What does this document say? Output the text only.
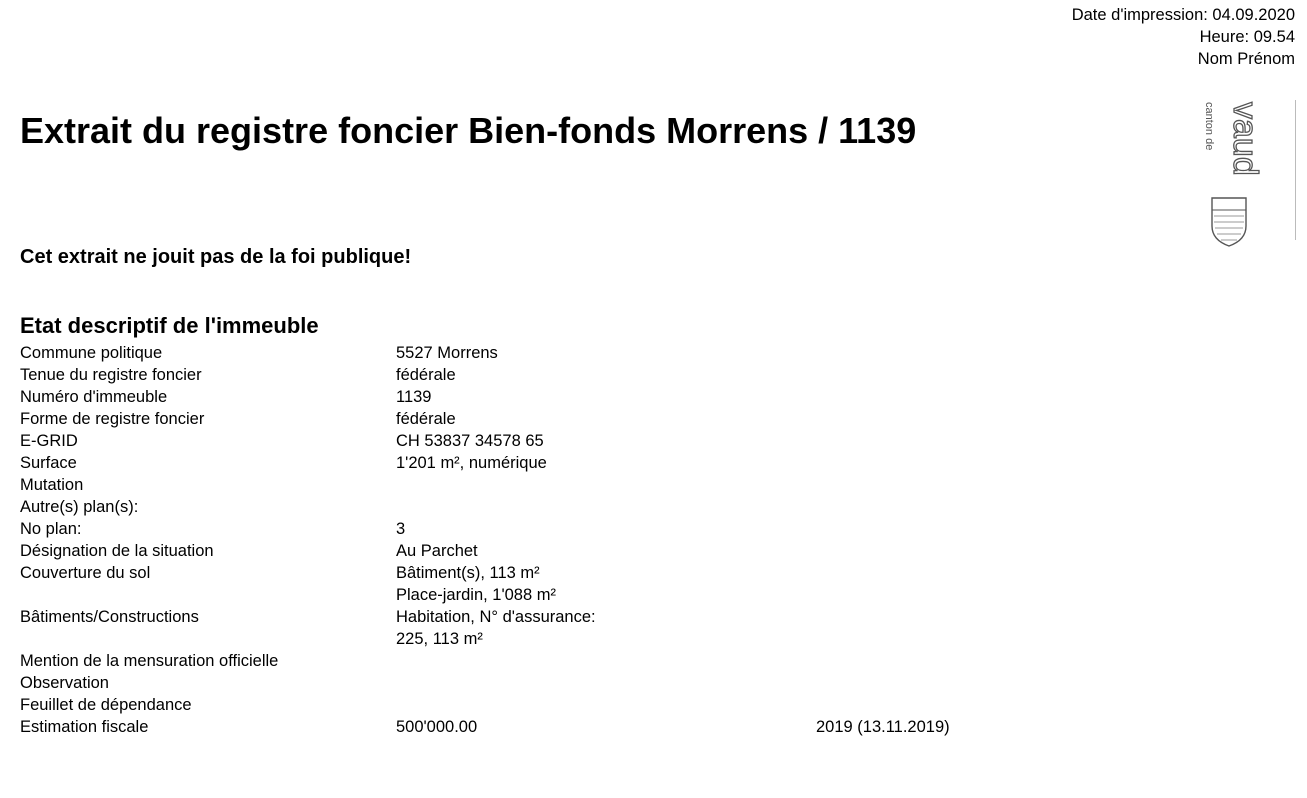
Date d'impression: 04.09.2020
Heure: 09.54
Nom Prénom
vaud
canton de
Extrait du registre foncier Bien-fonds Morrens / 1139

Cet extrait ne jouit pas de la foi publique!

Etat descriptif de l'immeuble
Commune politique	5527 Morrens
Tenue du registre foncier	fédérale
Numéro d'immeuble	1139
Forme de registre foncier	fédérale
E-GRID	CH 53837 34578 65
Surface	1'201 m², numérique
Mutation

Autre(s) plan(s):

No plan:	3
Désignation de la situation	Au Parchet
Couverture du sol	Bâtiment(s), 113 m²
Place-jardin, 1'088 m²
Bâtiments/Constructions	Habitation, N° d'assurance:
225, 113 m²
Mention de la mensuration officielle

Observation

Feuillet de dépendance

Estimation fiscale	500'000.00	2019 (13.11.2019)
